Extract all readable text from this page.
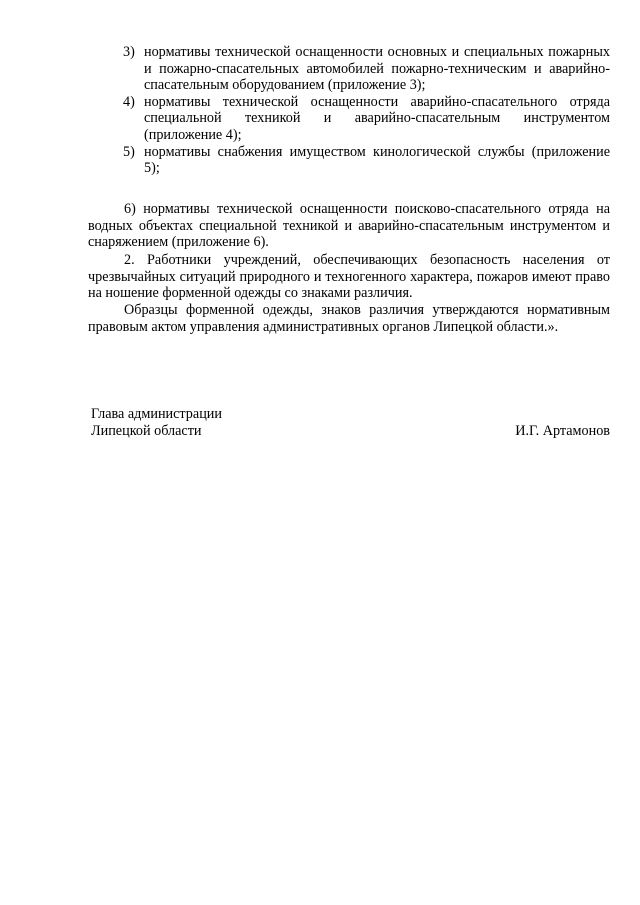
3) нормативы технической оснащенности основных и специальных пожарных и пожарно-спасательных автомобилей пожарно-техническим и аварийно-спасательным оборудованием (приложение 3);
4) нормативы технической оснащенности аварийно-спасательного отряда специальной техникой и аварийно-спасательным инструментом (приложение 4);
5) нормативы снабжения имуществом кинологической службы (приложение 5);

6) нормативы технической оснащенности поисково-спасательного отряда на водных объектах специальной техникой и аварийно-спасательным инструментом и снаряжением (приложение 6).

2. Работники учреждений, обеспечивающих безопасность населения от чрезвычайных ситуаций природного и техногенного характера, пожаров имеют право на ношение форменной одежды со знаками различия.

Образцы форменной одежды, знаков различия утверждаются нормативным правовым актом управления административных органов Липецкой области.».

Глава администрации
Липецкой области	И.Г. Артамонов
